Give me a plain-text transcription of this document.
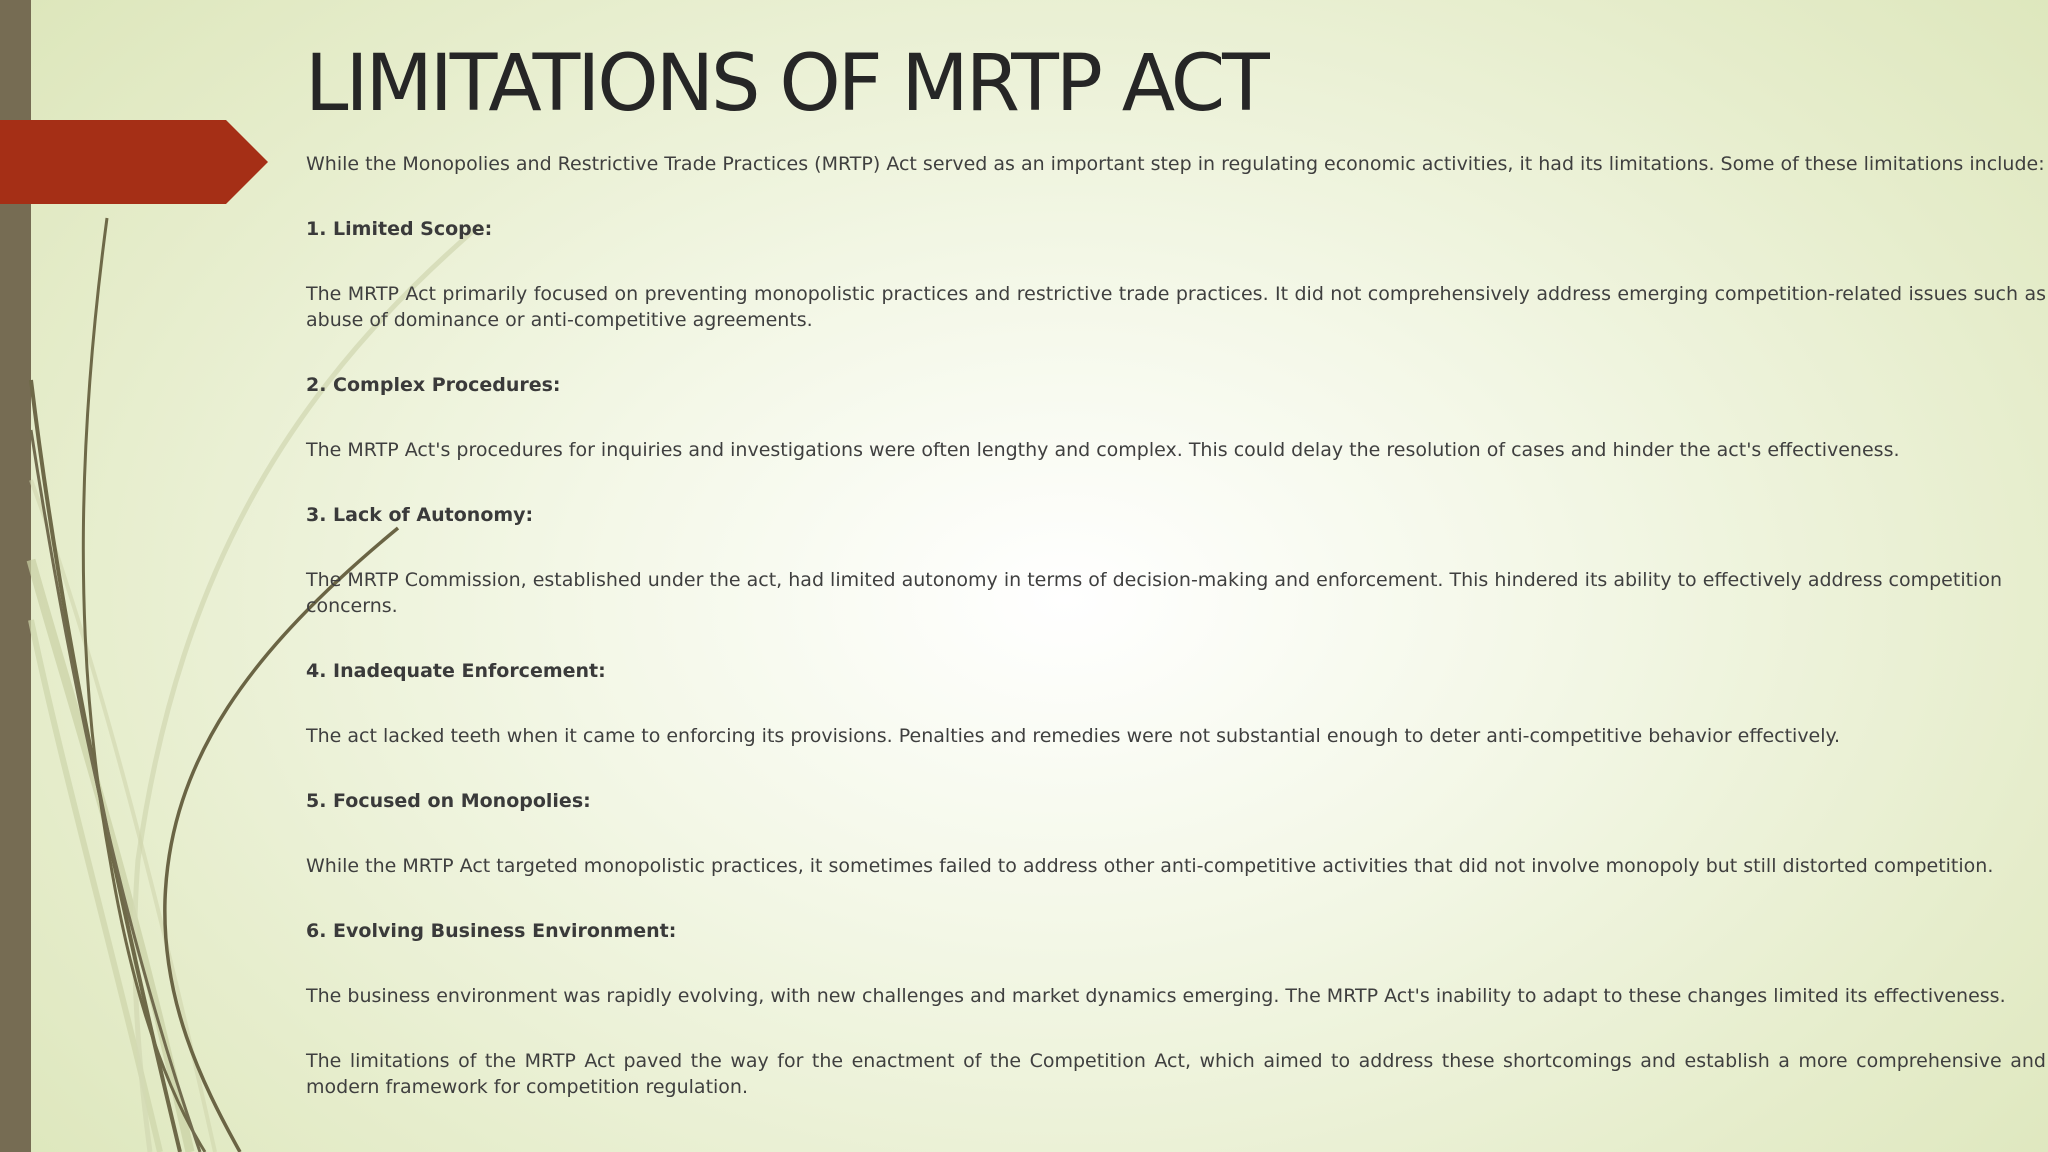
LIMITATIONS OF MRTP ACT

While the Monopolies and Restrictive Trade Practices (MRTP) Act served as an important step in regulating economic activities, it had its limitations. Some of these limitations include:

1. Limited Scope:

The MRTP Act primarily focused on preventing monopolistic practices and restrictive trade practices. It did not comprehensively address emerging competition-related issues such as abuse of dominance or anti-competitive agreements.

2. Complex Procedures:

The MRTP Act's procedures for inquiries and investigations were often lengthy and complex. This could delay the resolution of cases and hinder the act's effectiveness.

3. Lack of Autonomy:

The MRTP Commission, established under the act, had limited autonomy in terms of decision-making and enforcement. This hindered its ability to effectively address competition concerns.

4. Inadequate Enforcement:

The act lacked teeth when it came to enforcing its provisions. Penalties and remedies were not substantial enough to deter anti-competitive behavior effectively.

5. Focused on Monopolies:

While the MRTP Act targeted monopolistic practices, it sometimes failed to address other anti-competitive activities that did not involve monopoly but still distorted competition.

6. Evolving Business Environment:

The business environment was rapidly evolving, with new challenges and market dynamics emerging. The MRTP Act's inability to adapt to these changes limited its effectiveness.

The limitations of the MRTP Act paved the way for the enactment of the Competition Act, which aimed to address these shortcomings and establish a more comprehensive and modern framework for competition regulation.
